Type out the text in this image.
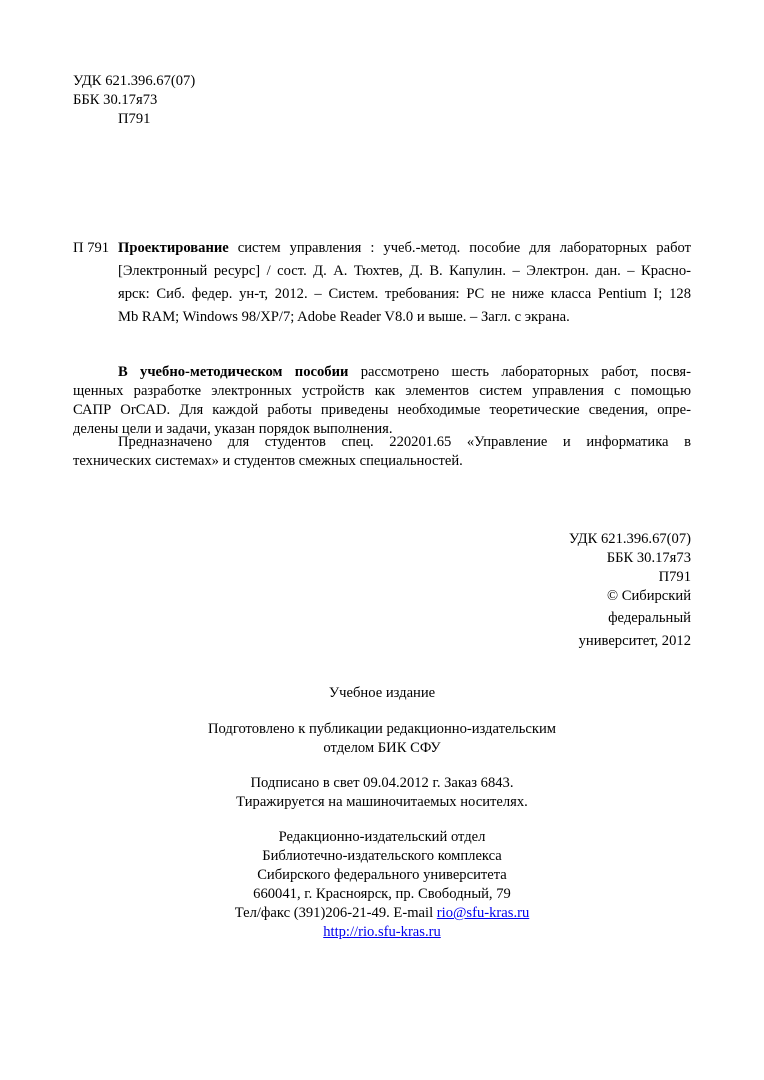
УДК 621.396.67(07)
ББК 30.17я73
П791
П 791 Проектирование систем управления : учеб.-метод. пособие для лабораторных работ
[Электронный ресурс] / сост. Д. А. Тюхтев, Д. В. Капулин. – Электрон. дан. – Красно-
ярск: Сиб. федер. ун-т, 2012. – Систем. требования: PC не ниже класса Pentium I; 128
Mb RAM; Windows 98/XP/7; Adobe Reader V8.0 и выше. – Загл. с экрана.
В учебно-методическом пособии рассмотрено шесть лабораторных работ, посвя-
щенных разработке электронных устройств как элементов систем управления с помощью
САПР OrCAD. Для каждой работы приведены необходимые теоретические сведения, опре-
делены цели и задачи, указан порядок выполнения.
Предназначено для студентов спец. 220201.65 «Управление и информатика в
технических системах» и студентов смежных специальностей.
УДК 621.396.67(07)
ББК 30.17я73
П791
© Сибирский
федеральный
университет, 2012
Учебное издание
Подготовлено к публикации редакционно-издательским
отделом БИК СФУ
Подписано в свет 09.04.2012 г. Заказ 6843.
Тиражируется на машиночитаемых носителях.
Редакционно-издательский отдел
Библиотечно-издательского комплекса
Сибирского федерального университета
660041, г. Красноярск, пр. Свободный, 79
Тел/факс (391)206-21-49. E-mail rio@sfu-kras.ru
http://rio.sfu-kras.ru
